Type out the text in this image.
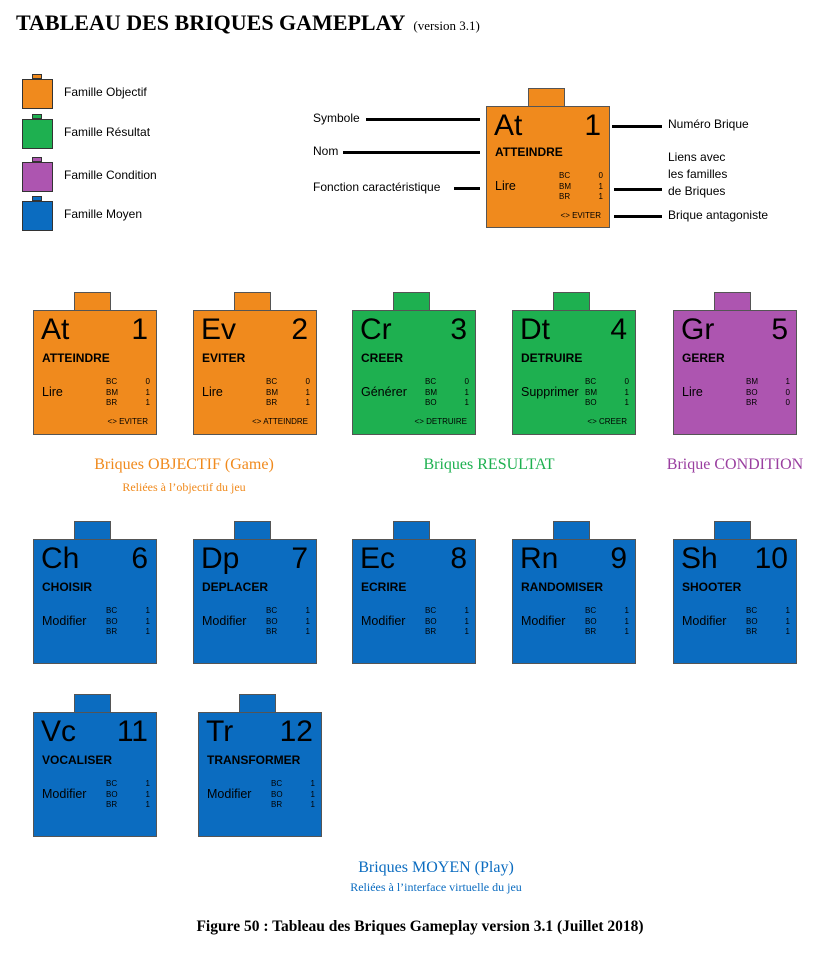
TABLEAU DES BRIQUES GAMEPLAY (version 3.1)
Famille Objectif
Famille Résultat
Famille Condition
Famille Moyen
At 1
ATTEINDRE
Lire
BC	0
BM	1
BR	1
<> EVITER
Symbole
Nom
Fonction caractéristique
Numéro Brique
Liens avec les familles de Briques
Brique antagoniste
At 1
ATTEINDRE
Lire
BC	0
BM	1
BR	1
<> EVITER
Ev 2
EVITER
Lire
BC	0
BM	1
BR	1
<> ATTEINDRE
Cr 3
CREER
Générer
BC	0
BM	1
BO	1
<> DETRUIRE
Dt 4
DETRUIRE
Supprimer
BC	0
BM	1
BO	1
<> CREER
Gr 5
GERER
Lire
BM	1
BO	0
BR	0
Ch 6
CHOISIR
Modifier
BC	1
BO	1
BR	1
Dp 7
DEPLACER
Modifier
BC	1
BO	1
BR	1
Ec 8
ECRIRE
Modifier
BC	1
BO	1
BR	1
Rn 9
RANDOMISER
Modifier
BC	1
BO	1
BR	1
Sh 10
SHOOTER
Modifier
BC	1
BO	1
BR	1
Vc 11
VOCALISER
Modifier
BC	1
BO	1
BR	1
Tr 12
TRANSFORMER
Modifier
BC	1
BO	1
BR	1
Briques OBJECTIF (Game)
Reliées à l’objectif du jeu
Briques RESULTAT	Brique CONDITION
Briques MOYEN (Play)
Reliées à l’interface virtuelle du jeu
Figure 50 : Tableau des Briques Gameplay version 3.1 (Juillet 2018)
